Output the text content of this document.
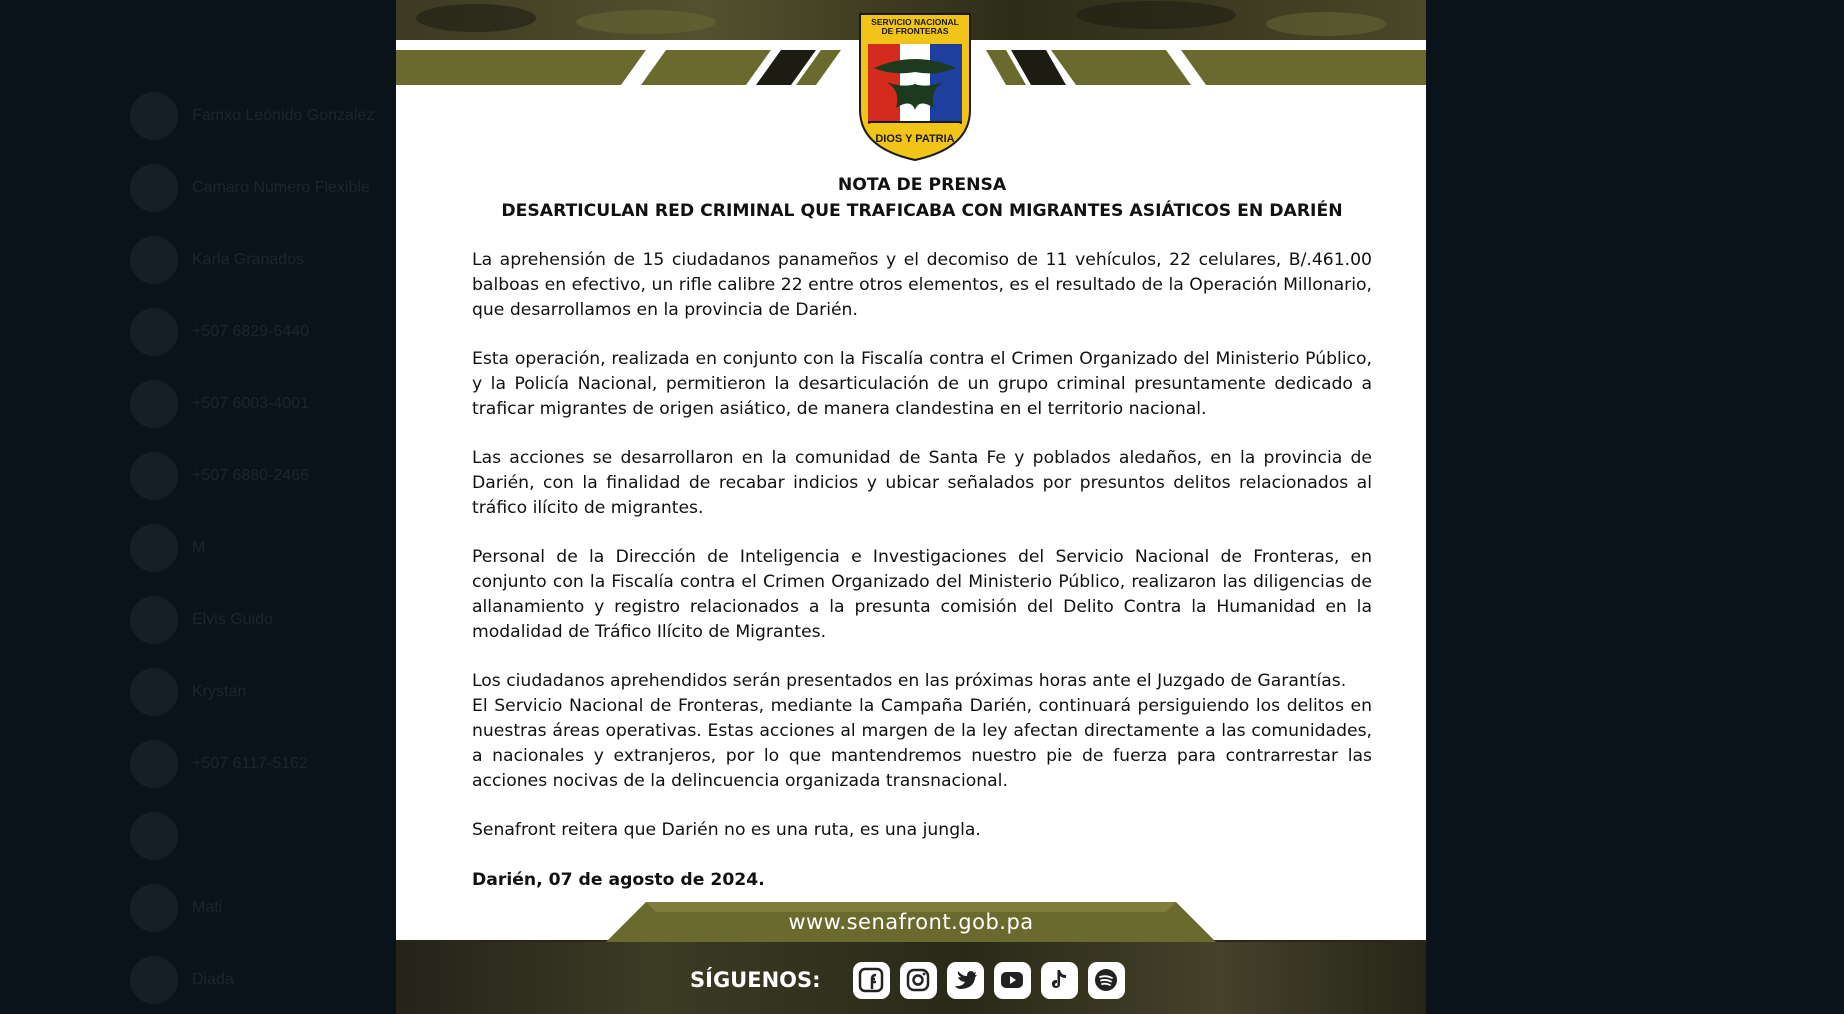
SERVICIO NACIONAL
DE FRONTERAS
DIOS Y PATRIA
NOTA DE PRENSA
DESARTICULAN RED CRIMINAL QUE TRAFICABA CON MIGRANTES ASIÁTICOS EN DARIÉN

La aprehensión de 15 ciudadanos panameños y el decomiso de 11 vehículos, 22 celulares, B/.461.00 balboas en efectivo, un rifle calibre 22 entre otros elementos, es el resultado de la Operación Millonario, que desarrollamos en la provincia de Darién.

Esta operación, realizada en conjunto con la Fiscalía contra el Crimen Organizado del Ministerio Público, y la Policía Nacional, permitieron la desarticulación de un grupo criminal presuntamente dedicado a traficar migrantes de origen asiático, de manera clandestina en el territorio nacional.

Las acciones se desarrollaron en la comunidad de Santa Fe y poblados aledaños, en la provincia de Darién, con la finalidad de recabar indicios y ubicar señalados por presuntos delitos relacionados al tráfico ilícito de migrantes.

Personal de la Dirección de Inteligencia e Investigaciones del Servicio Nacional de Fronteras, en conjunto con la Fiscalía contra el Crimen Organizado del Ministerio Público, realizaron las diligencias de allanamiento y registro relacionados a la presunta comisión del Delito Contra la Humanidad en la modalidad de Tráfico Ilícito de Migrantes.

Los ciudadanos aprehendidos serán presentados en las próximas horas ante el Juzgado de Garantías.

El Servicio Nacional de Fronteras, mediante la Campaña Darién, continuará persiguiendo los delitos en nuestras áreas operativas. Estas acciones al margen de la ley afectan directamente a las comunidades, a nacionales y extranjeros, por lo que mantendremos nuestro pie de fuerza para contrarrestar las acciones nocivas de la delincuencia organizada transnacional.

Senafront reitera que Darién no es una ruta, es una jungla.

Darién, 07 de agosto de 2024.

www.senafront.gob.pa
SÍGUENOS:
